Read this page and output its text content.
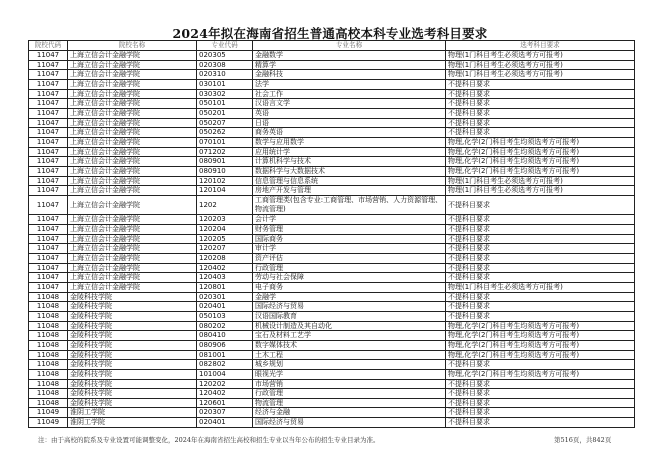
2024年拟在海南省招生普通高校本科专业选考科目要求
院校代码	院校名称	专业代码	专业名称	选考科目要求
11047	上海立信会计金融学院	020305	金融数学	物理(1门科目考生必须选考方可报考)
11047	上海立信会计金融学院	020308	精算学	物理(1门科目考生必须选考方可报考)
11047	上海立信会计金融学院	020310	金融科技	物理(1门科目考生必须选考方可报考)
11047	上海立信会计金融学院	030101	法学	不提科目要求
11047	上海立信会计金融学院	030302	社会工作	不提科目要求
11047	上海立信会计金融学院	050101	汉语言文学	不提科目要求
11047	上海立信会计金融学院	050201	英语	不提科目要求
11047	上海立信会计金融学院	050207	日语	不提科目要求
11047	上海立信会计金融学院	050262	商务英语	不提科目要求
11047	上海立信会计金融学院	070101	数学与应用数学	物理,化学(2门科目考生均须选考方可报考)
11047	上海立信会计金融学院	071202	应用统计学	物理,化学(2门科目考生均须选考方可报考)
11047	上海立信会计金融学院	080901	计算机科学与技术	物理,化学(2门科目考生均须选考方可报考)
11047	上海立信会计金融学院	080910	数据科学与大数据技术	物理,化学(2门科目考生均须选考方可报考)
11047	上海立信会计金融学院	120102	信息管理与信息系统	物理(1门科目考生必须选考方可报考)
11047	上海立信会计金融学院	120104	房地产开发与管理	物理(1门科目考生必须选考方可报考)
11047	上海立信会计金融学院	1202	工商管理类(包含专业:工商管理、市场营销、人力资源管理、物流管理)	不提科目要求
11047	上海立信会计金融学院	120203	会计学	不提科目要求
11047	上海立信会计金融学院	120204	财务管理	不提科目要求
11047	上海立信会计金融学院	120205	国际商务	不提科目要求
11047	上海立信会计金融学院	120207	审计学	不提科目要求
11047	上海立信会计金融学院	120208	资产评估	不提科目要求
11047	上海立信会计金融学院	120402	行政管理	不提科目要求
11047	上海立信会计金融学院	120403	劳动与社会保障	不提科目要求
11047	上海立信会计金融学院	120801	电子商务	物理(1门科目考生必须选考方可报考)
11048	金陵科技学院	020301	金融学	不提科目要求
11048	金陵科技学院	020401	国际经济与贸易	不提科目要求
11048	金陵科技学院	050103	汉语国际教育	不提科目要求
11048	金陵科技学院	080202	机械设计制造及其自动化	物理,化学(2门科目考生均须选考方可报考)
11048	金陵科技学院	080410	宝石及材料工艺学	物理,化学(2门科目考生均须选考方可报考)
11048	金陵科技学院	080906	数字媒体技术	物理,化学(2门科目考生均须选考方可报考)
11048	金陵科技学院	081001	土木工程	物理,化学(2门科目考生均须选考方可报考)
11048	金陵科技学院	082802	城乡规划	不提科目要求
11048	金陵科技学院	101004	眼视光学	物理,化学(2门科目考生均须选考方可报考)
11048	金陵科技学院	120202	市场营销	不提科目要求
11048	金陵科技学院	120402	行政管理	不提科目要求
11048	金陵科技学院	120601	物流管理	不提科目要求
11049	淮阴工学院	020307	经济与金融	不提科目要求
11049	淮阴工学院	020401	国际经济与贸易	不提科目要求
注：由于高校的院系及专业设置可能调整变化，2024年在海南省招生高校和招生专业以当年公布的招生专业目录为准。	第516页，共842页
